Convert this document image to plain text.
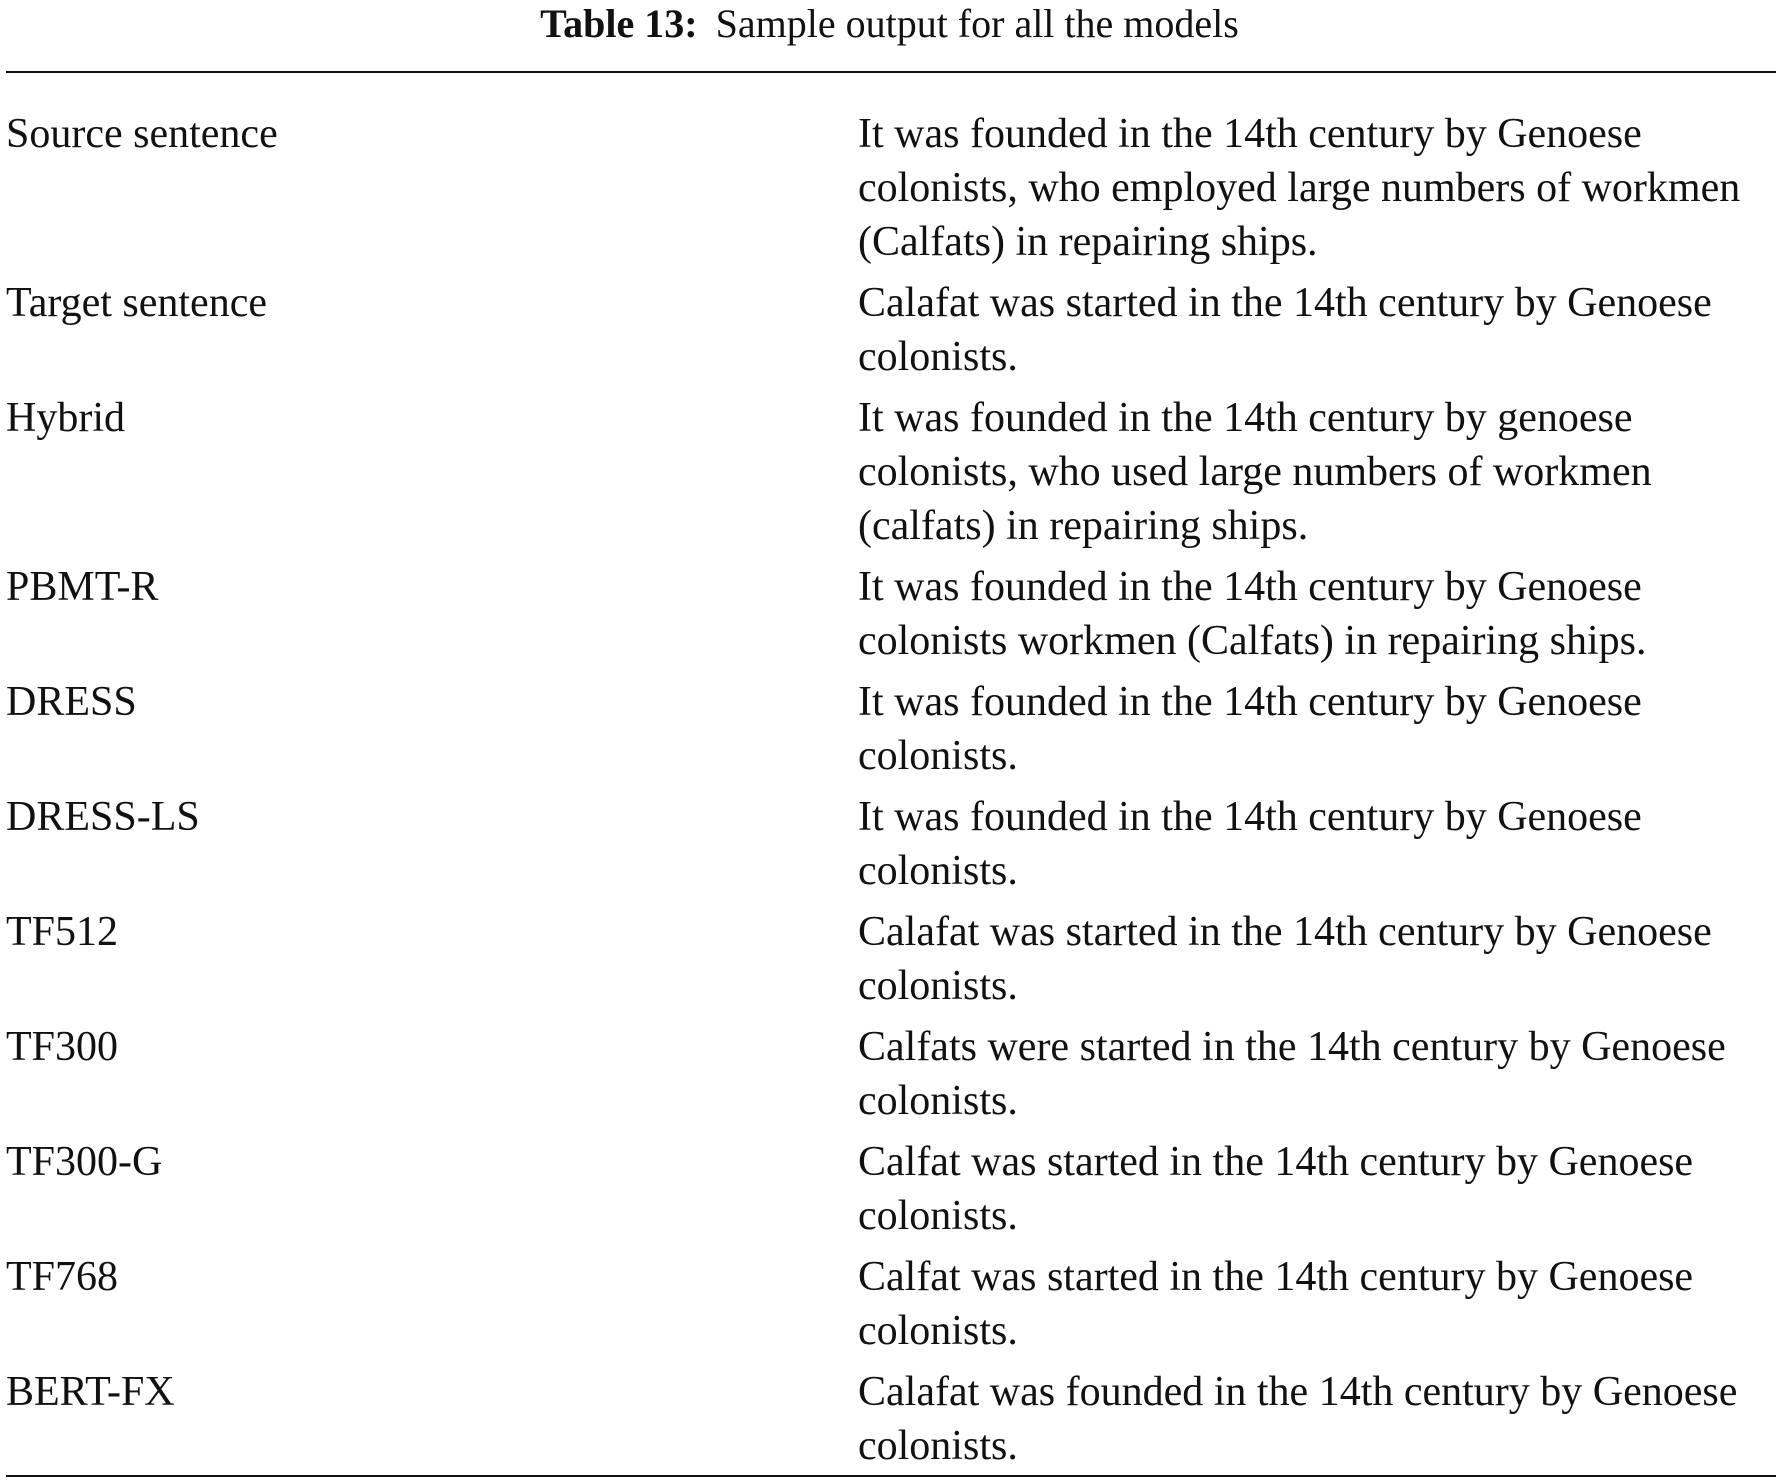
Table 13: Sample output for all the models
Source sentence	It was founded in the 14th century by Genoese colonists, who employed large numbers of workmen (Calfats) in repairing ships.
Target sentence	Calafat was started in the 14th century by Genoese colonists.
Hybrid	It was founded in the 14th century by genoese colonists, who used large numbers of workmen (calfats) in repairing ships.
PBMT-R	It was founded in the 14th century by Genoese colonists workmen (Calfats) in repairing ships.
DRESS	It was founded in the 14th century by Genoese colonists.
DRESS-LS	It was founded in the 14th century by Genoese colonists.
TF512	Calafat was started in the 14th century by Genoese colonists.
TF300	Calfats were started in the 14th century by Genoese colonists.
TF300-G	Calfat was started in the 14th century by Genoese colonists.
TF768	Calfat was started in the 14th century by Genoese colonists.
BERT-FX	Calafat was founded in the 14th century by Genoese colonists.
